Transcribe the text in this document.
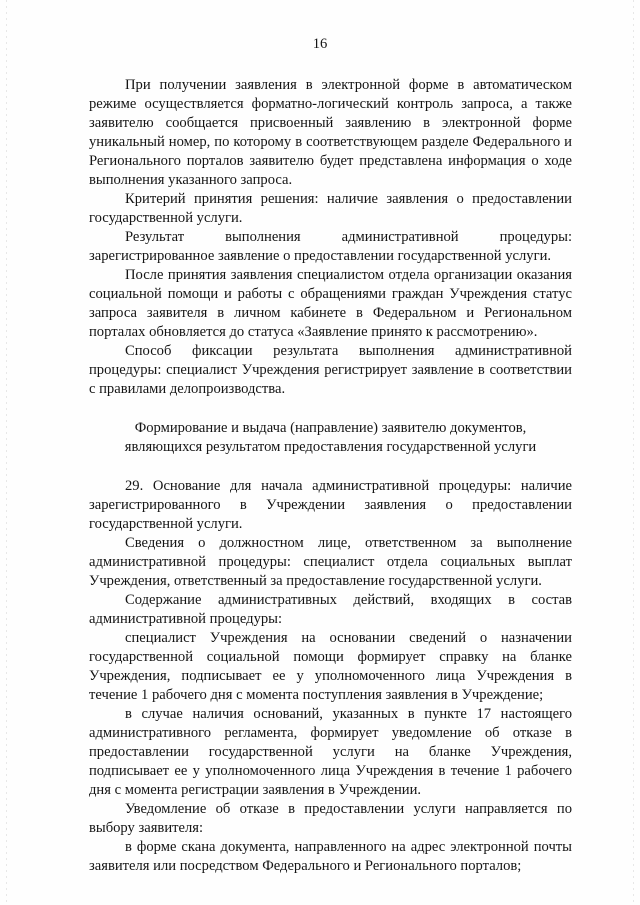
16

При получении заявления в электронной форме в автоматическом режиме осуществляется форматно-логический контроль запроса, а также заявителю сообщается присвоенный заявлению в электронной форме уникальный номер, по которому в соответствующем разделе Федерального и Регионального порталов заявителю будет представлена информация о ходе выполнения указанного запроса.

Критерий принятия решения: наличие заявления о предоставлении государственной услуги.

Результат выполнения административной процедуры: зарегистрированное заявление о предоставлении государственной услуги.

После принятия заявления специалистом отдела организации оказания социальной помощи и работы с обращениями граждан Учреждения статус запроса заявителя в личном кабинете в Федеральном и Региональном порталах обновляется до статуса «Заявление принято к рассмотрению».

Способ фиксации результата выполнения административной процедуры: специалист Учреждения регистрирует заявление в соответствии с правилами делопроизводства.

Формирование и выдача (направление) заявителю документов,
являющихся результатом предоставления государственной услуги

29. Основание для начала административной процедуры: наличие зарегистрированного в Учреждении заявления о предоставлении государственной услуги.

Сведения о должностном лице, ответственном за выполнение административной процедуры: специалист отдела социальных выплат Учреждения, ответственный за предоставление государственной услуги.

Содержание административных действий, входящих в состав административной процедуры:

специалист Учреждения на основании сведений о назначении государственной социальной помощи формирует справку на бланке Учреждения, подписывает ее у уполномоченного лица Учреждения в течение 1 рабочего дня с момента поступления заявления в Учреждение;

в случае наличия оснований, указанных в пункте 17 настоящего административного регламента, формирует уведомление об отказе в предоставлении государственной услуги на бланке Учреждения, подписывает ее у уполномоченного лица Учреждения в течение 1 рабочего дня с момента регистрации заявления в Учреждении.

Уведомление об отказе в предоставлении услуги направляется по выбору заявителя:

в форме скана документа, направленного на адрес электронной почты заявителя или посредством Федерального и Регионального порталов;
